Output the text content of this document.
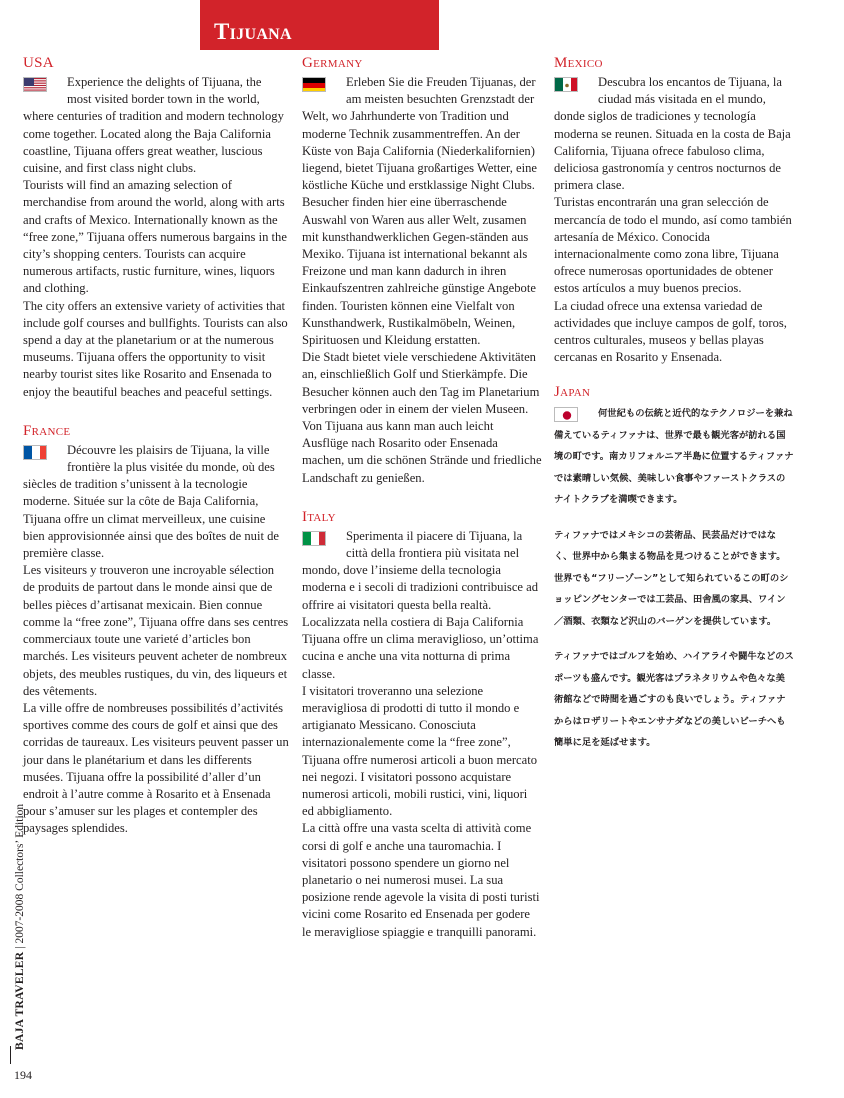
Tijuana
USA

Experience the delights of Tijuana, the most visited border town in the world, where centuries of tradition and modern technology come together. Located along the Baja California coastline, Tijuana offers great weather, luscious cuisine, and first class night clubs.

Tourists will find an amazing selection of merchandise from around the world, along with arts and crafts of Mexico. Internationally known as the “free zone,” Tijuana offers numerous bargains in the city’s shopping centers. Tourists can acquire numerous artifacts, rustic furniture, wines, liquors and clothing.

The city offers an extensive variety of activities that include golf courses and bullfights. Tourists can also spend a day at the planetarium or at the numerous museums. Tijuana offers the opportunity to visit nearby tourist sites like Rosarito and Ensenada to enjoy the beautiful beaches and peaceful settings.

France

Découvre les plaisirs de Tijuana, la ville frontière la plus visitée du monde, où des siècles de tradition s’unissent à la tecnologie moderne. Située sur la côte de Baja California, Tijuana offre un climat merveilleux, une cuisine bien approvisionnée ainsi que des boîtes de nuit de première classe.

Les visiteurs y trouveron une incroyable sélection de produits de partout dans le monde ainsi que de belles pièces d’artisanat mexicain. Bien connue comme la “free zone”, Tijuana offre dans ses centres commerciaux toute une varieté d’articles bon marchés. Les visiteurs peuvent acheter de nombreux objets, des meubles rustiques, du vin, des liqueurs et des vêtements.

La ville offre de nombreuses possibilités d’activités sportives comme des cours de golf et ainsi que des corridas de taureaux. Les visiteurs peuvent passer un jour dans le planétarium et dans les differents musées. Tijuana offre la possibilité d’aller d’un endroit à l’autre comme à Rosarito et à Ensenada pour s’amuser sur les plages et contempler des paysages splendides.

Germany

Erleben Sie die Freuden Tijuanas, der am meisten besuchten Grenzstadt der Welt, wo Jahrhunderte von Tradition und moderne Technik zusammentreffen. An der Küste von Baja California (Niederkalifornien) liegend, bietet Tijuana großartiges Wetter, eine köstliche Küche und erstklassige Night Clubs.

Besucher finden hier eine überraschende Auswahl von Waren aus aller Welt, zusamen mit kunsthandwerklichen Gegen-ständen aus Mexiko. Tijuana ist international bekannt als Freizone und man kann dadurch in ihren Einkaufszentren zahlreiche günstige Angebote finden. Touristen können eine Vielfalt von Kunsthandwerk, Rustikalmöbeln, Weinen, Spirituosen und Kleidung erstatten.

Die Stadt bietet viele verschiedene Aktivitäten an, einschließlich Golf und Stierkämpfe. Die Besucher können auch den Tag im Planetarium verbringen oder in einem der vielen Museen. Von Tijuana aus kann man auch leicht Ausflüge nach Rosarito oder Ensenada machen, um die schönen Strände und friedliche Landschaft zu genießen.

Italy

Sperimenta il piacere di Tijuana, la città della frontiera più visitata nel mondo, dove l’insieme della tecnologia moderna e i secoli di tradizioni contribuisce ad offrire ai visitatori questa bella realtà. Localizzata nella costiera di Baja California Tijuana offre un clima meraviglioso, un’ottima cucina e anche una vita notturna di prima classe.

I visitatori troveranno una selezione meravigliosa di prodotti di tutto il mondo e artigianato Messicano. Conosciuta internazionalemente come la “free zone”, Tijuana offre numerosi articoli a buon mercato nei negozi. I visitatori possono acquistare numerosi articoli, mobili rustici, vini, liquori ed abbigliamento.

La città offre una vasta scelta di attività come corsi di golf e anche una tauromachia. I visitatori possono spendere un giorno nel planetario o nei numerosi musei. La sua posizione rende agevole la visita di posti turisti vicini come Rosarito ed Ensenada per godere le meravigliose spiaggie e tranquilli panorami.

Mexico

Descubra los encantos de Tijuana, la ciudad más visitada en el mundo, donde siglos de tradiciones y tecnología moderna se reunen. Situada en la costa de Baja California, Tijuana ofrece fabuloso clima, deliciosa gastronomía y centros nocturnos de primera clase.

Turistas encontrarán una gran selección de mercancía de todo el mundo, así como también artesanía de México. Conocida internacionalmente como zona libre, Tijuana ofrece numerosas oportunidades de obtener estos artículos a muy buenos precios.

La ciudad ofrece una extensa variedad de actividades que incluye campos de golf, toros, centros culturales, museos y bellas playas cercanas en Rosarito y Ensenada.

Japan

何世紀もの伝統と近代的なテクノロジーを兼ね備えているティファナは、世界で最も観光客が訪れる国境の町です。南カリフォルニア半島に位置するティファナでは素晴しい気候、美味しい食事やファーストクラスのナイトクラブを満喫できます。

ティファナではメキシコの芸術品、民芸品だけではなく、世界中から集まる物品を見つけることができます。世界でも“フリーゾーン”として知られているこの町のショッピングセンターでは工芸品、田舎風の家具、ワイン／酒類、衣類など沢山のバーゲンを提供しています。

ティファナではゴルフを始め、ハイアライや闘牛などのスポーツも盛んです。観光客はプラネタリウムや色々な美術館などで時間を過ごすのも良いでしょう。ティファナからはロザリートやエンサナダなどの美しいビーチへも簡単に足を延ばせます。

BAJA TRAVELER | 2007-2008 Collectors’ Edition
194
